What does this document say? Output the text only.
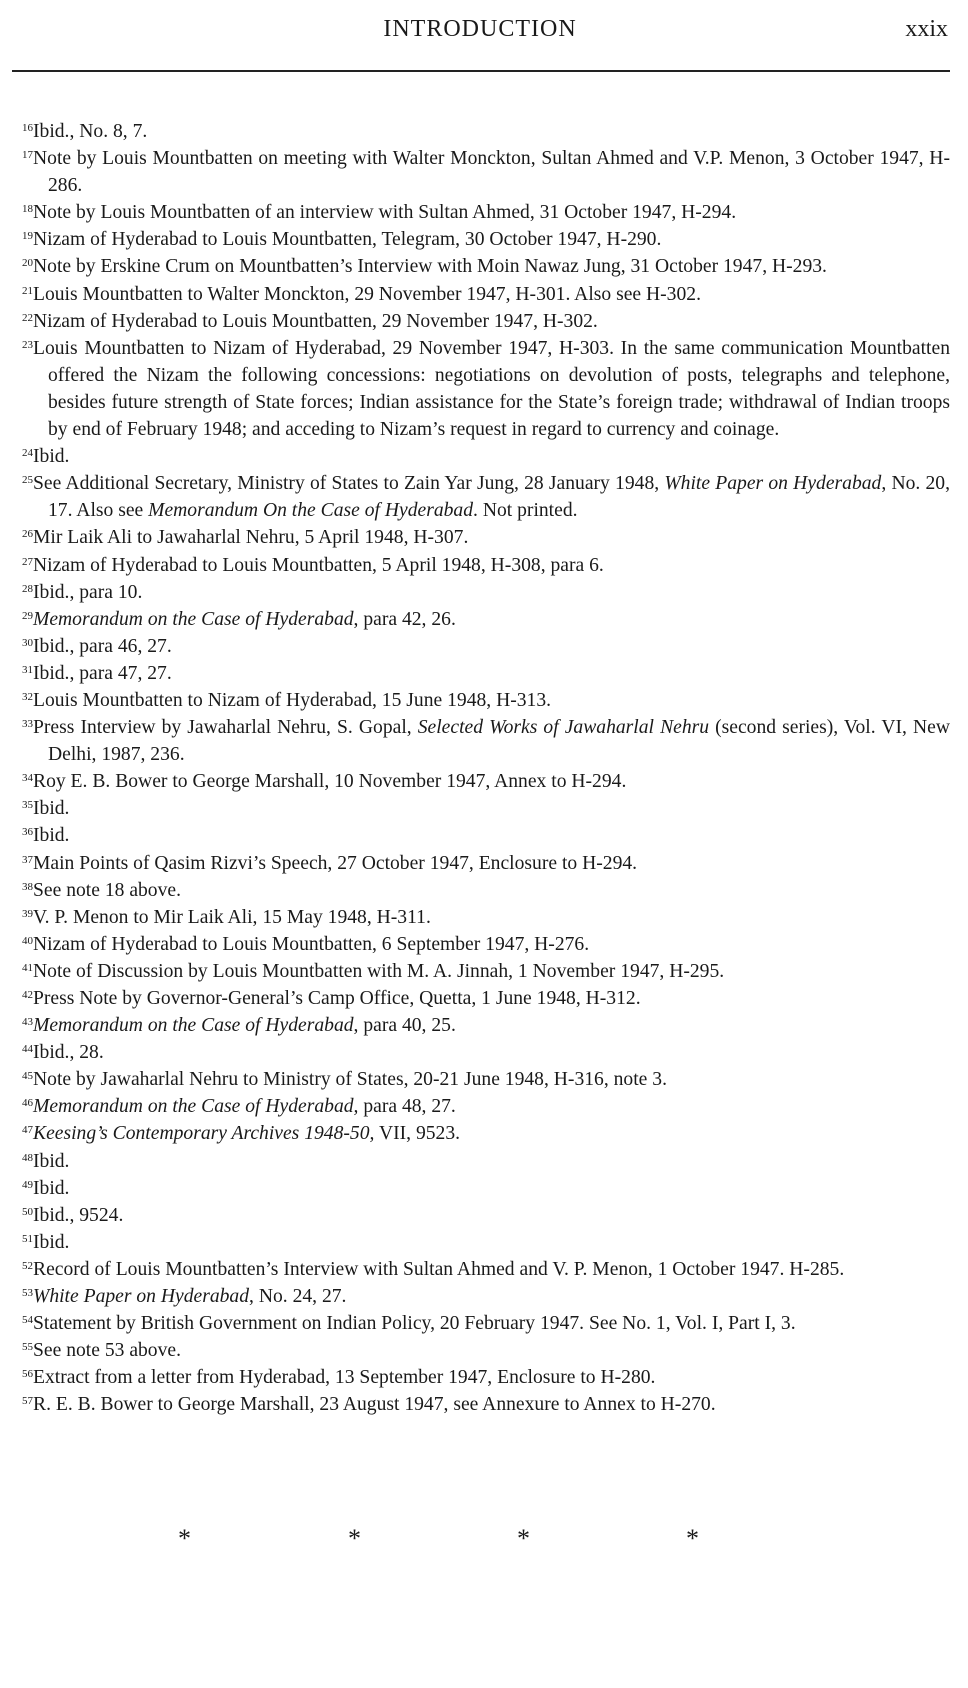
INTRODUCTION	xxix
$^{16}$Ibid., No. 8, 7.
$^{17}$Note by Louis Mountbatten on meeting with Walter Monckton, Sultan Ahmed and V.P. Menon, 3 October 1947, H-286.
$^{18}$Note by Louis Mountbatten of an interview with Sultan Ahmed, 31 October 1947, H-294.
$^{19}$Nizam of Hyderabad to Louis Mountbatten, Telegram, 30 October 1947, H-290.
$^{20}$Note by Erskine Crum on Mountbatten’s Interview with Moin Nawaz Jung, 31 October 1947, H-293.
$^{21}$Louis Mountbatten to Walter Monckton, 29 November 1947, H-301. Also see H-302.
$^{22}$Nizam of Hyderabad to Louis Mountbatten, 29 November 1947, H-302.
$^{23}$Louis Mountbatten to Nizam of Hyderabad, 29 November 1947, H-303. In the same communication Mountbatten offered the Nizam the following concessions: negotiations on devolution of posts, telegraphs and telephone, besides future strength of State forces; Indian assistance for the State’s foreign trade; withdrawal of Indian troops by end of February 1948; and acceding to Nizam’s request in regard to currency and coinage.
$^{24}$Ibid.
$^{25}$See Additional Secretary, Ministry of States to Zain Yar Jung, 28 January 1948, White Paper on Hyderabad, No. 20, 17. Also see Memorandum On the Case of Hyderabad. Not printed.
$^{26}$Mir Laik Ali to Jawaharlal Nehru, 5 April 1948, H-307.
$^{27}$Nizam of Hyderabad to Louis Mountbatten, 5 April 1948, H-308, para 6.
$^{28}$Ibid., para 10.
$^{29}$Memorandum on the Case of Hyderabad, para 42, 26.
$^{30}$Ibid., para 46, 27.
$^{31}$Ibid., para 47, 27.
$^{32}$Louis Mountbatten to Nizam of Hyderabad, 15 June 1948, H-313.
$^{33}$Press Interview by Jawaharlal Nehru, S. Gopal, Selected Works of Jawaharlal Nehru (second series), Vol. VI, New Delhi, 1987, 236.
$^{34}$Roy E. B. Bower to George Marshall, 10 November 1947, Annex to H-294.
$^{35}$Ibid.
$^{36}$Ibid.
$^{37}$Main Points of Qasim Rizvi’s Speech, 27 October 1947, Enclosure to H-294.
$^{38}$See note 18 above.
$^{39}$V. P. Menon to Mir Laik Ali, 15 May 1948, H-311.
$^{40}$Nizam of Hyderabad to Louis Mountbatten, 6 September 1947, H-276.
$^{41}$Note of Discussion by Louis Mountbatten with M. A. Jinnah, 1 November 1947, H-295.
$^{42}$Press Note by Governor-General’s Camp Office, Quetta, 1 June 1948, H-312.
$^{43}$Memorandum on the Case of Hyderabad, para 40, 25.
$^{44}$Ibid., 28.
$^{45}$Note by Jawaharlal Nehru to Ministry of States, 20-21 June 1948, H-316, note 3.
$^{46}$Memorandum on the Case of Hyderabad, para 48, 27.
$^{47}$Keesing’s Contemporary Archives 1948-50, VII, 9523.
$^{48}$Ibid.
$^{49}$Ibid.
$^{50}$Ibid., 9524.
$^{51}$Ibid.
$^{52}$Record of Louis Mountbatten’s Interview with Sultan Ahmed and V. P. Menon, 1 October 1947. H-285.
$^{53}$White Paper on Hyderabad, No. 24, 27.
$^{54}$Statement by British Government on Indian Policy, 20 February 1947. See No. 1, Vol. I, Part I, 3.
$^{55}$See note 53 above.
$^{56}$Extract from a letter from Hyderabad, 13 September 1947, Enclosure to H-280.
$^{57}$R. E. B. Bower to George Marshall, 23 August 1947, see Annexure to Annex to H-270.
*	*	*	*
